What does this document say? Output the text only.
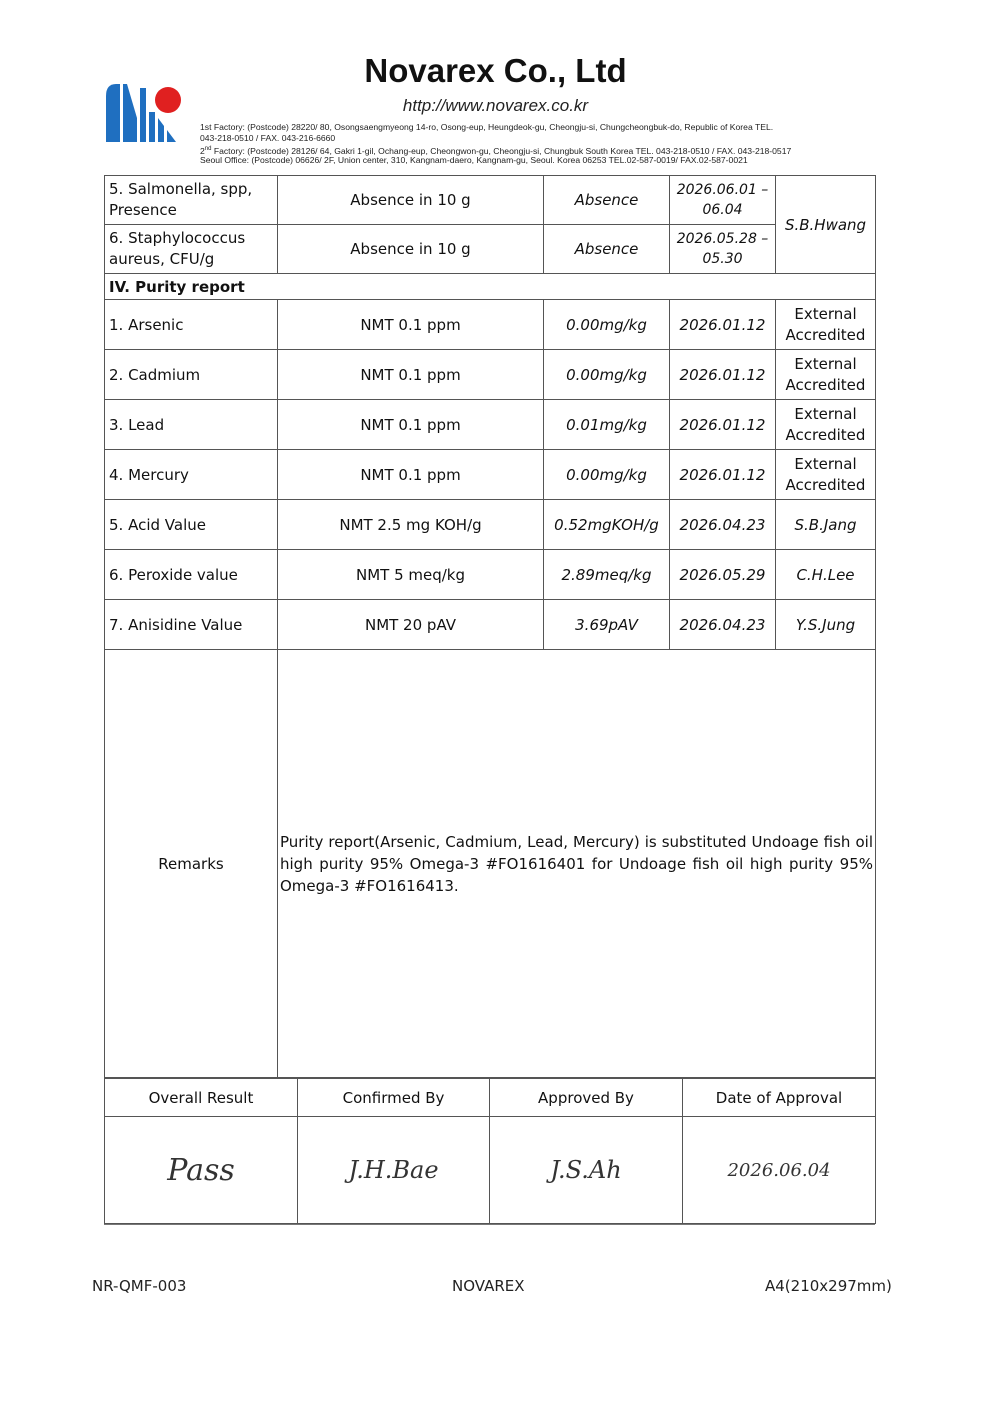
Novarex Co., Ltd
http://www.novarex.co.kr
1st Factory: (Postcode) 28220/ 80, Osongsaengmyeong 14-ro, Osong-eup, Heungdeok-gu, Cheongju-si, Chungcheongbuk-do, Republic of Korea TEL.
043-218-0510 / FAX. 043-216-6660
2nd Factory: (Postcode) 28126/ 64, Gakri 1-gil, Ochang-eup, Cheongwon-gu, Cheongju-si, Chungbuk South Korea TEL. 043-218-0510 / FAX. 043-218-0517
Seoul Office: (Postcode) 06626/ 2F, Union center, 310, Kangnam-daero, Kangnam-gu, Seoul. Korea 06253 TEL.02-587-0019/ FAX.02-587-0021
5. Salmonella, spp, Presence	Absence in 10 g	Absence	2026.06.01 –06.04	S.B.Hwang
6. Staphylococcus aureus, CFU/g	Absence in 10 g	Absence	2026.05.28 –05.30	
IV. Purity report				
1. Arsenic	NMT 0.1 ppm	0.00mg/kg	2026.01.12	External Accredited
2. Cadmium	NMT 0.1 ppm	0.00mg/kg	2026.01.12	External Accredited
3. Lead	NMT 0.1 ppm	0.01mg/kg	2026.01.12	External Accredited
4. Mercury	NMT 0.1 ppm	0.00mg/kg	2026.01.12	External Accredited
5. Acid Value	NMT 2.5 mg KOH/g	0.52mgKOH/g	2026.04.23	S.B.Jang
6. Peroxide value	NMT 5 meq/kg	2.89meq/kg	2026.05.29	C.H.Lee
7. Anisidine Value	NMT 20 pAV	3.69pAV	2026.04.23	Y.S.Jung
Remarks	Purity report(Arsenic, Cadmium, Lead, Mercury) is substituted Undoage fish oil high purity 95% Omega-3 #FO1616401 for Undoage fish oil high purity 95% Omega-3 #FO1616413.			
Overall Result	Confirmed By	Approved By	Date of Approval
Pass	J.H.Bae	J.S.Ah	2026.06.04
NR-QMF-003	NOVAREX	A4(210x297mm)
